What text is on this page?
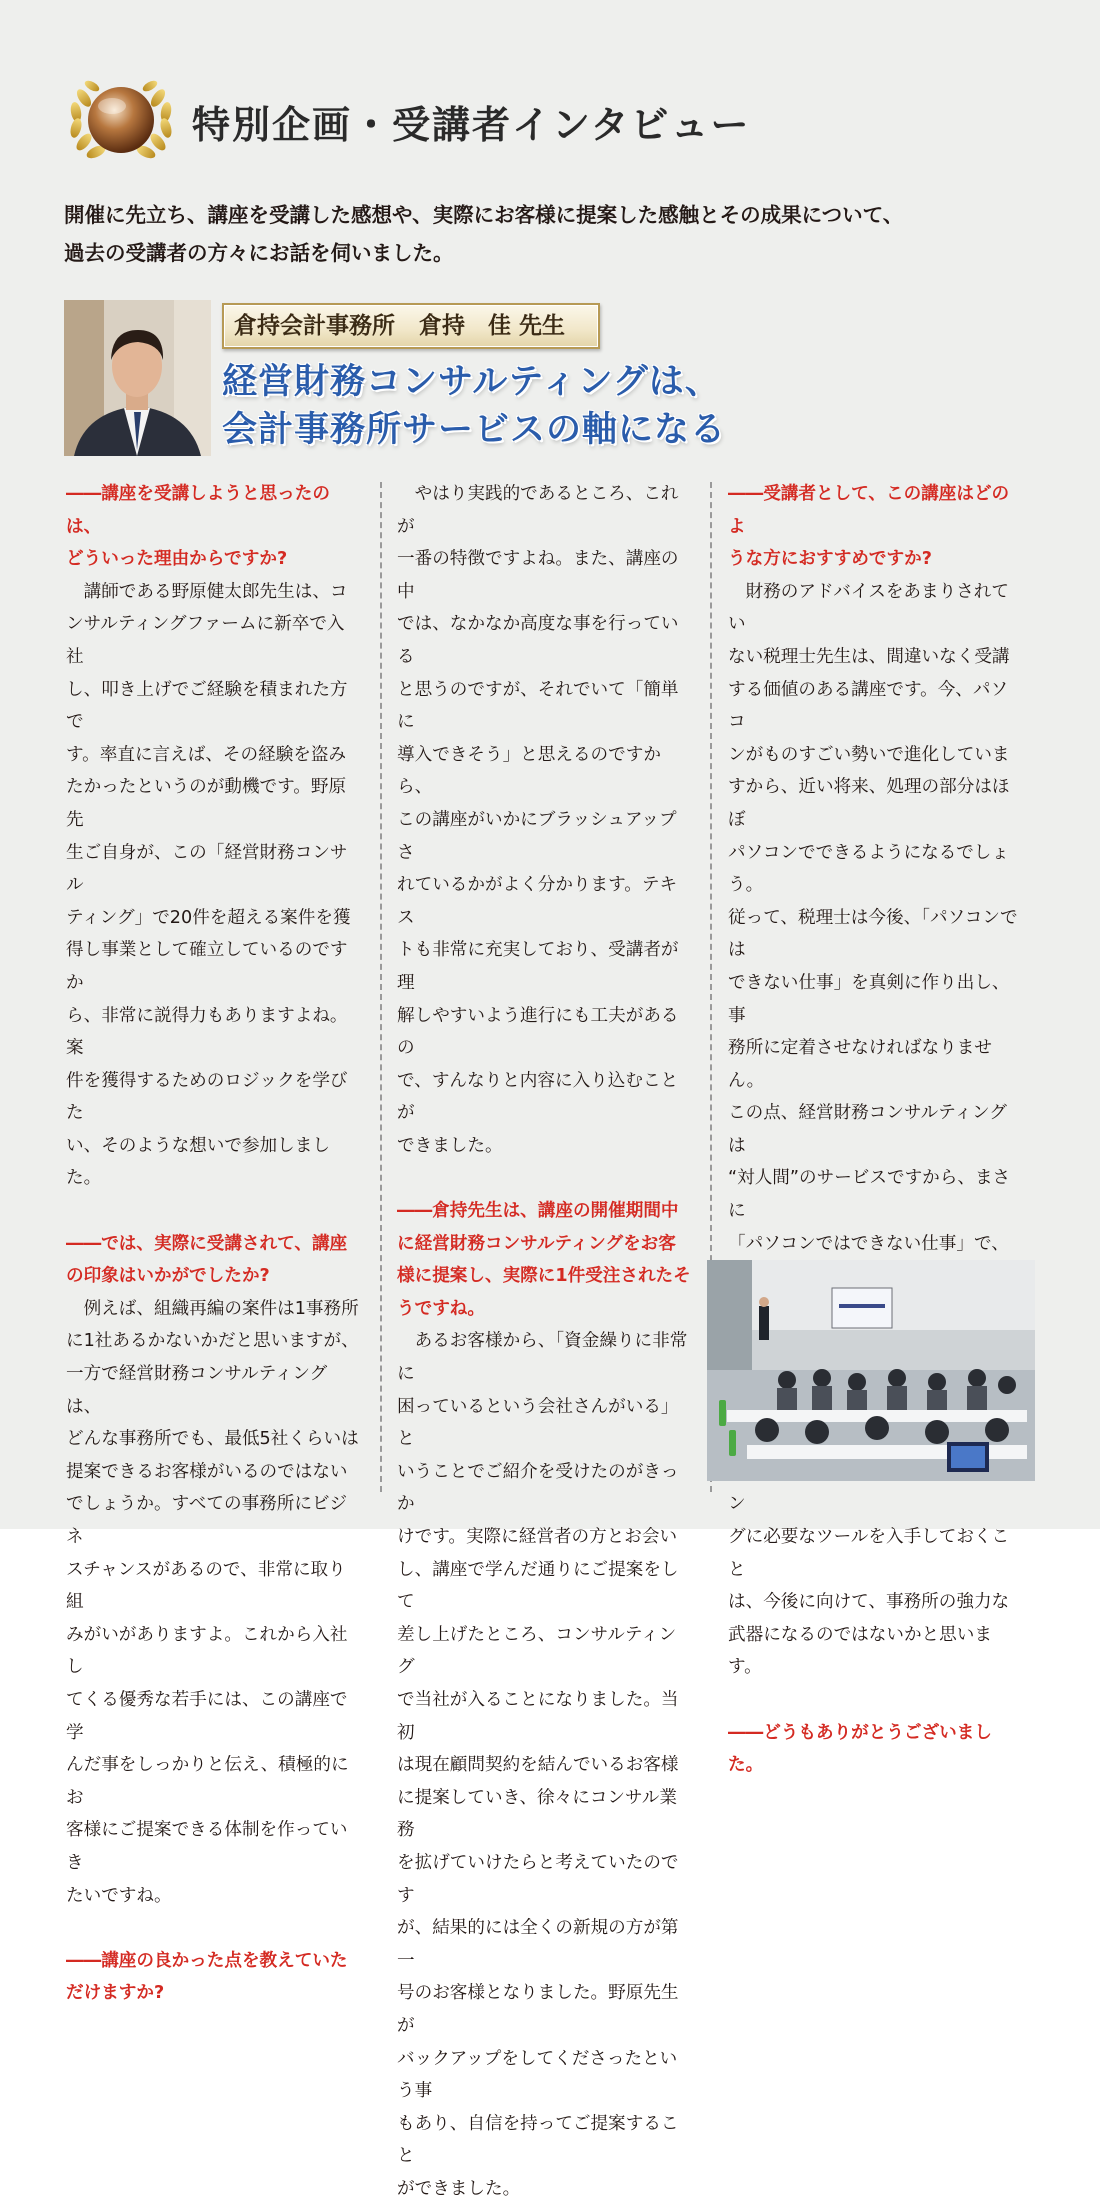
特別企画・受講者インタビュー
開催に先立ち、講座を受講した感想や、実際にお客様に提案した感触とその成果について、
過去の受講者の方々にお話を伺いました。
倉持会計事務所 倉持　佳 先生
経営財務コンサルティングは、
会計事務所サービスの軸になる

――講座を受講しようと思ったのは、

どういった理由からですか?

講師である野原健太郎先生は、コ

ンサルティングファームに新卒で入社

し、叩き上げでご経験を積まれた方で

す。率直に言えば、その経験を盗み

たかったというのが動機です。野原先

生ご自身が、この「経営財務コンサル

ティング」で20件を超える案件を獲

得し事業として確立しているのですか

ら、非常に説得力もありますよね。案

件を獲得するためのロジックを学びた

い、そのような想いで参加しました。

――では、実際に受講されて、講座

の印象はいかがでしたか?

例えば、組織再編の案件は1事務所

に1社あるかないかだと思いますが、

一方で経営財務コンサルティングは、

どんな事務所でも、最低5社くらいは

提案できるお客様がいるのではない

でしょうか。すべての事務所にビジネ

スチャンスがあるので、非常に取り組

みがいがありますよ。これから入社し

てくる優秀な若手には、この講座で学

んだ事をしっかりと伝え、積極的にお

客様にご提案できる体制を作っていき

たいですね。

――講座の良かった点を教えていた

だけますか?

やはり実践的であるところ、これが

一番の特徴ですよね。また、講座の中

では、なかなか高度な事を行っている

と思うのですが、それでいて「簡単に

導入できそう」と思えるのですから、

この講座がいかにブラッシュアップさ

れているかがよく分かります。テキス

トも非常に充実しており、受講者が理

解しやすいよう進行にも工夫があるの

で、すんなりと内容に入り込むことが

できました。

――倉持先生は、講座の開催期間中

に経営財務コンサルティングをお客

様に提案し、実際に1件受注されたそ

うですね。

あるお客様から、「資金繰りに非常に

困っているという会社さんがいる」と

いうことでご紹介を受けたのがきっか

けです。実際に経営者の方とお会い

し、講座で学んだ通りにご提案をして

差し上げたところ、コンサルティング

で当社が入ることになりました。当初

は現在顧問契約を結んでいるお客様

に提案していき、徐々にコンサル業務

を拡げていけたらと考えていたのです

が、結果的には全くの新規の方が第一

号のお客様となりました。野原先生が

バックアップをしてくださったという事

もあり、自信を持ってご提案すること

ができました。

――受講者として、この講座はどのよ

うな方におすすめですか?

財務のアドバイスをあまりされてい

ない税理士先生は、間違いなく受講

する価値のある講座です。今、パソコ

ンがものすごい勢いで進化していま

すから、近い将来、処理の部分はほぼ

パソコンでできるようになるでしょう。

従って、税理士は今後、「パソコンでは

できない仕事」を真剣に作り出し、事

務所に定着させなければなりません。

この点、経営財務コンサルティングは

“対人間”のサービスですから、まさに

「パソコンではできない仕事」で、

ン

グに必要なツールを入手しておくこと

は、今後に向けて、事務所の強力な

武器になるのではないかと思います。

――どうもありがとうございました。
